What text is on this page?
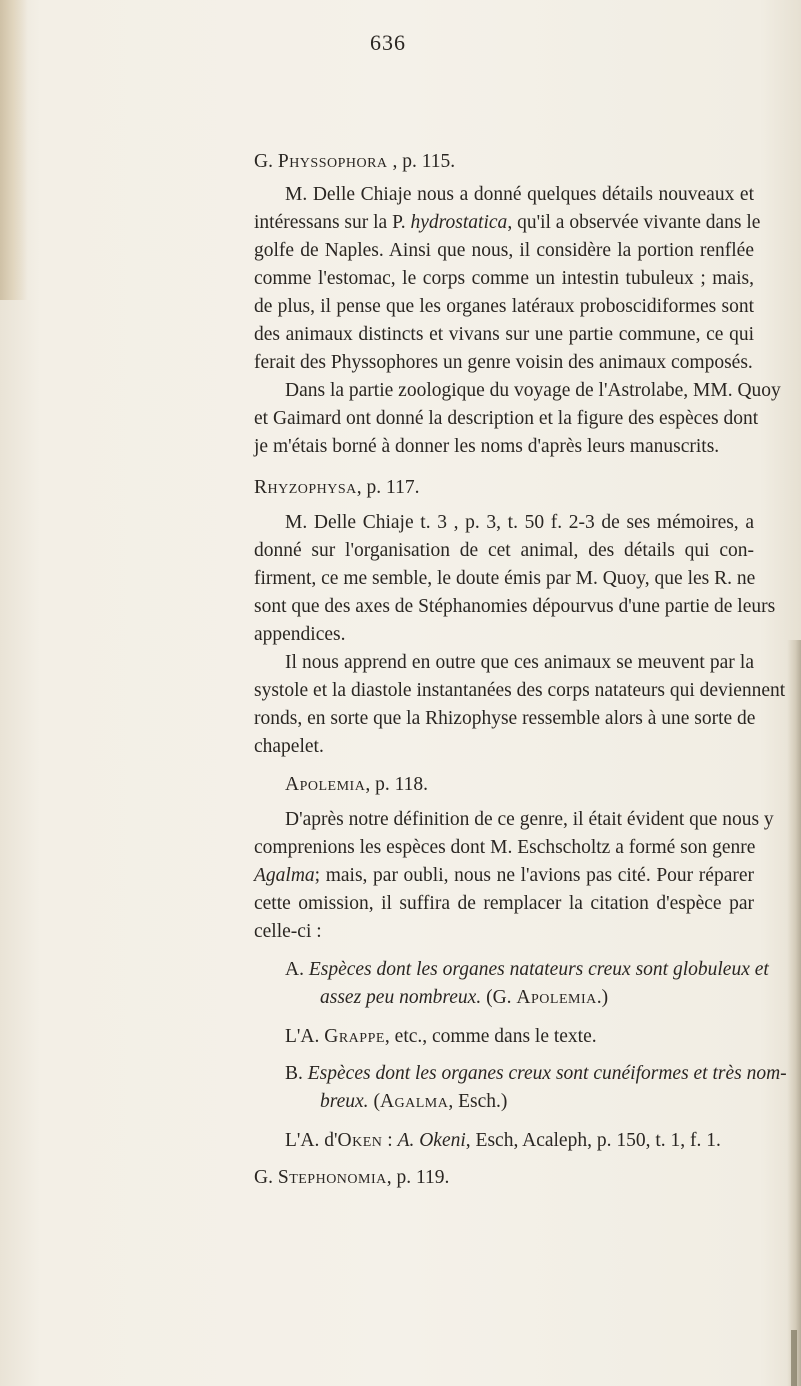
636
G. Physsophora , p. 115.
M. Delle Chiaje nous a donné quelques détails nouveaux et
intéressans sur la P. hydrostatica, qu'il a observée vivante dans le
golfe de Naples. Ainsi que nous, il considère la portion renflée
comme l'estomac, le corps comme un intestin tubuleux ; mais,
de plus, il pense que les organes latéraux proboscidiformes sont
des animaux distincts et vivans sur une partie commune, ce qui
ferait des Physsophores un genre voisin des animaux composés.
Dans la partie zoologique du voyage de l'Astrolabe, MM. Quoy
et Gaimard ont donné la description et la figure des espèces dont
je m'étais borné à donner les noms d'après leurs manuscrits.
Rhyzophysa, p. 117.
M. Delle Chiaje t. 3 , p. 3, t. 50 f. 2-3 de ses mémoires, a
donné sur l'organisation de cet animal, des détails qui con-
firment, ce me semble, le doute émis par M. Quoy, que les R. ne
sont que des axes de Stéphanomies dépourvus d'une partie de leurs
appendices.
Il nous apprend en outre que ces animaux se meuvent par la
systole et la diastole instantanées des corps natateurs qui deviennent
ronds, en sorte que la Rhizophyse ressemble alors à une sorte de
chapelet.
Apolemia, p. 118.
D'après notre définition de ce genre, il était évident que nous y
comprenions les espèces dont M. Eschscholtz a formé son genre
Agalma; mais, par oubli, nous ne l'avions pas cité. Pour réparer
cette omission, il suffira de remplacer la citation d'espèce par
celle-ci :
A. Espèces dont les organes natateurs creux sont globuleux et
assez peu nombreux. (G. Apolemia.)
L'A. Grappe, etc., comme dans le texte.
B. Espèces dont les organes creux sont cunéiformes et très nom-
breux. (Agalma, Esch.)
L'A. d'Oken : A. Okeni, Esch, Acaleph, p. 150, t. 1, f. 1.
G. Stephonomia, p. 119.
